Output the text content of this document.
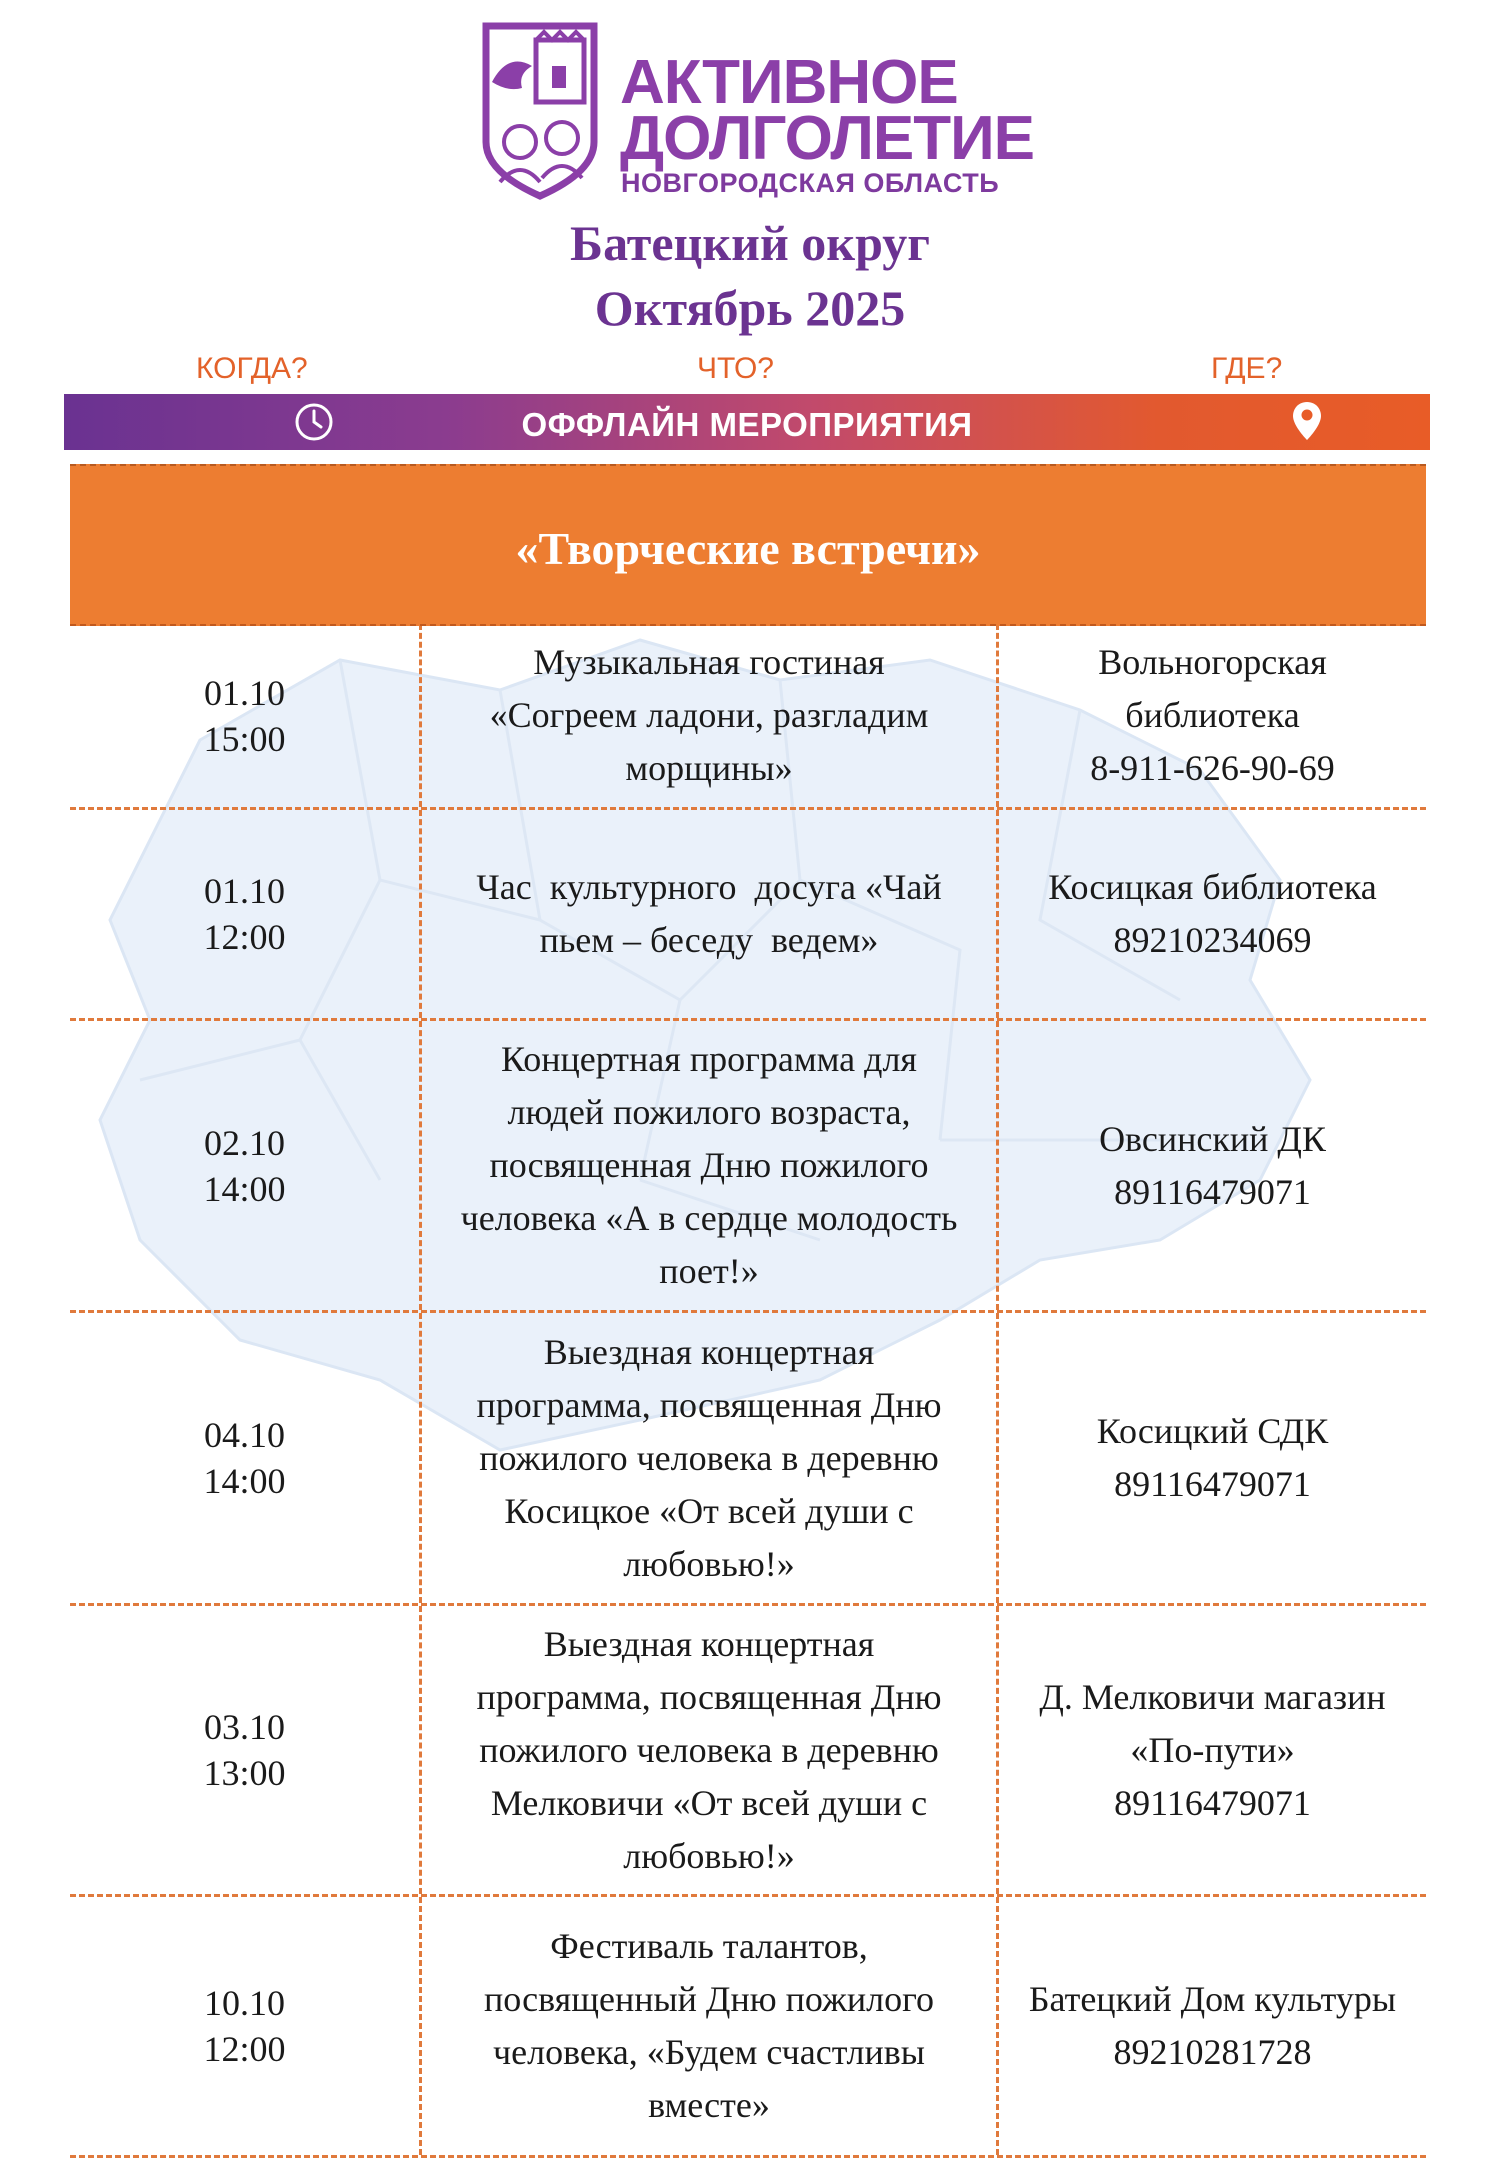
АКТИВНОЕ
ДОЛГОЛЕТИЕ
НОВГОРОДСКАЯ ОБЛАСТЬ
Батецкий округ
Октябрь 2025
КОГДА?	ЧТО?	ГДЕ?
ОФФЛАЙН МЕРОПРИЯТИЯ
«Творческие встречи»
01.10
15:00
Музыкальная гостиная
«Согреем ладони, разгладим
морщины»
Вольногорская
библиотека
8-911-626-90-69
01.10
12:00
Час  культурного  досуга «Чай
пьем – беседу  ведем»
Косицкая библиотека
89210234069
02.10
14:00
Концертная программа для
людей пожилого возраста,
посвященная Дню пожилого
человека «А в сердце молодость
поет!»
Овсинский ДК
89116479071
04.10
14:00
Выездная концертная
программа, посвященная Дню
пожилого человека в деревню
Косицкое «От всей души с
любовью!»
Косицкий СДК
89116479071
03.10
13:00
Выездная концертная
программа, посвященная Дню
пожилого человека в деревню
Мелковичи «От всей души с
любовью!»
Д. Мелковичи магазин
«По-пути»
89116479071
10.10
12:00
Фестиваль талантов,
посвященный Дню пожилого
человека, «Будем счастливы
вместе»
Батецкий Дом культуры
89210281728
